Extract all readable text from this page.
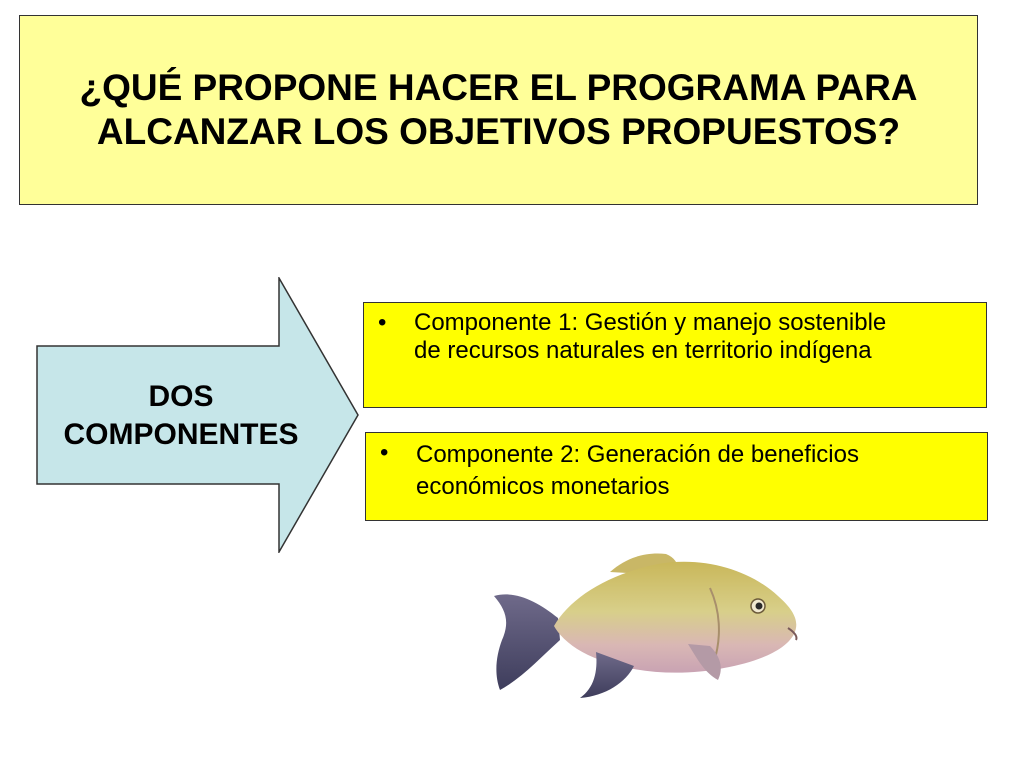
¿QUÉ PROPONE HACER EL PROGRAMA PARA
ALCANZAR LOS OBJETIVOS PROPUESTOS?
DOS
COMPONENTES
•	Componente 1: Gestión y manejo sostenible
de recursos naturales en territorio indígena
•	Componente 2: Generación de beneficios
económicos monetarios
